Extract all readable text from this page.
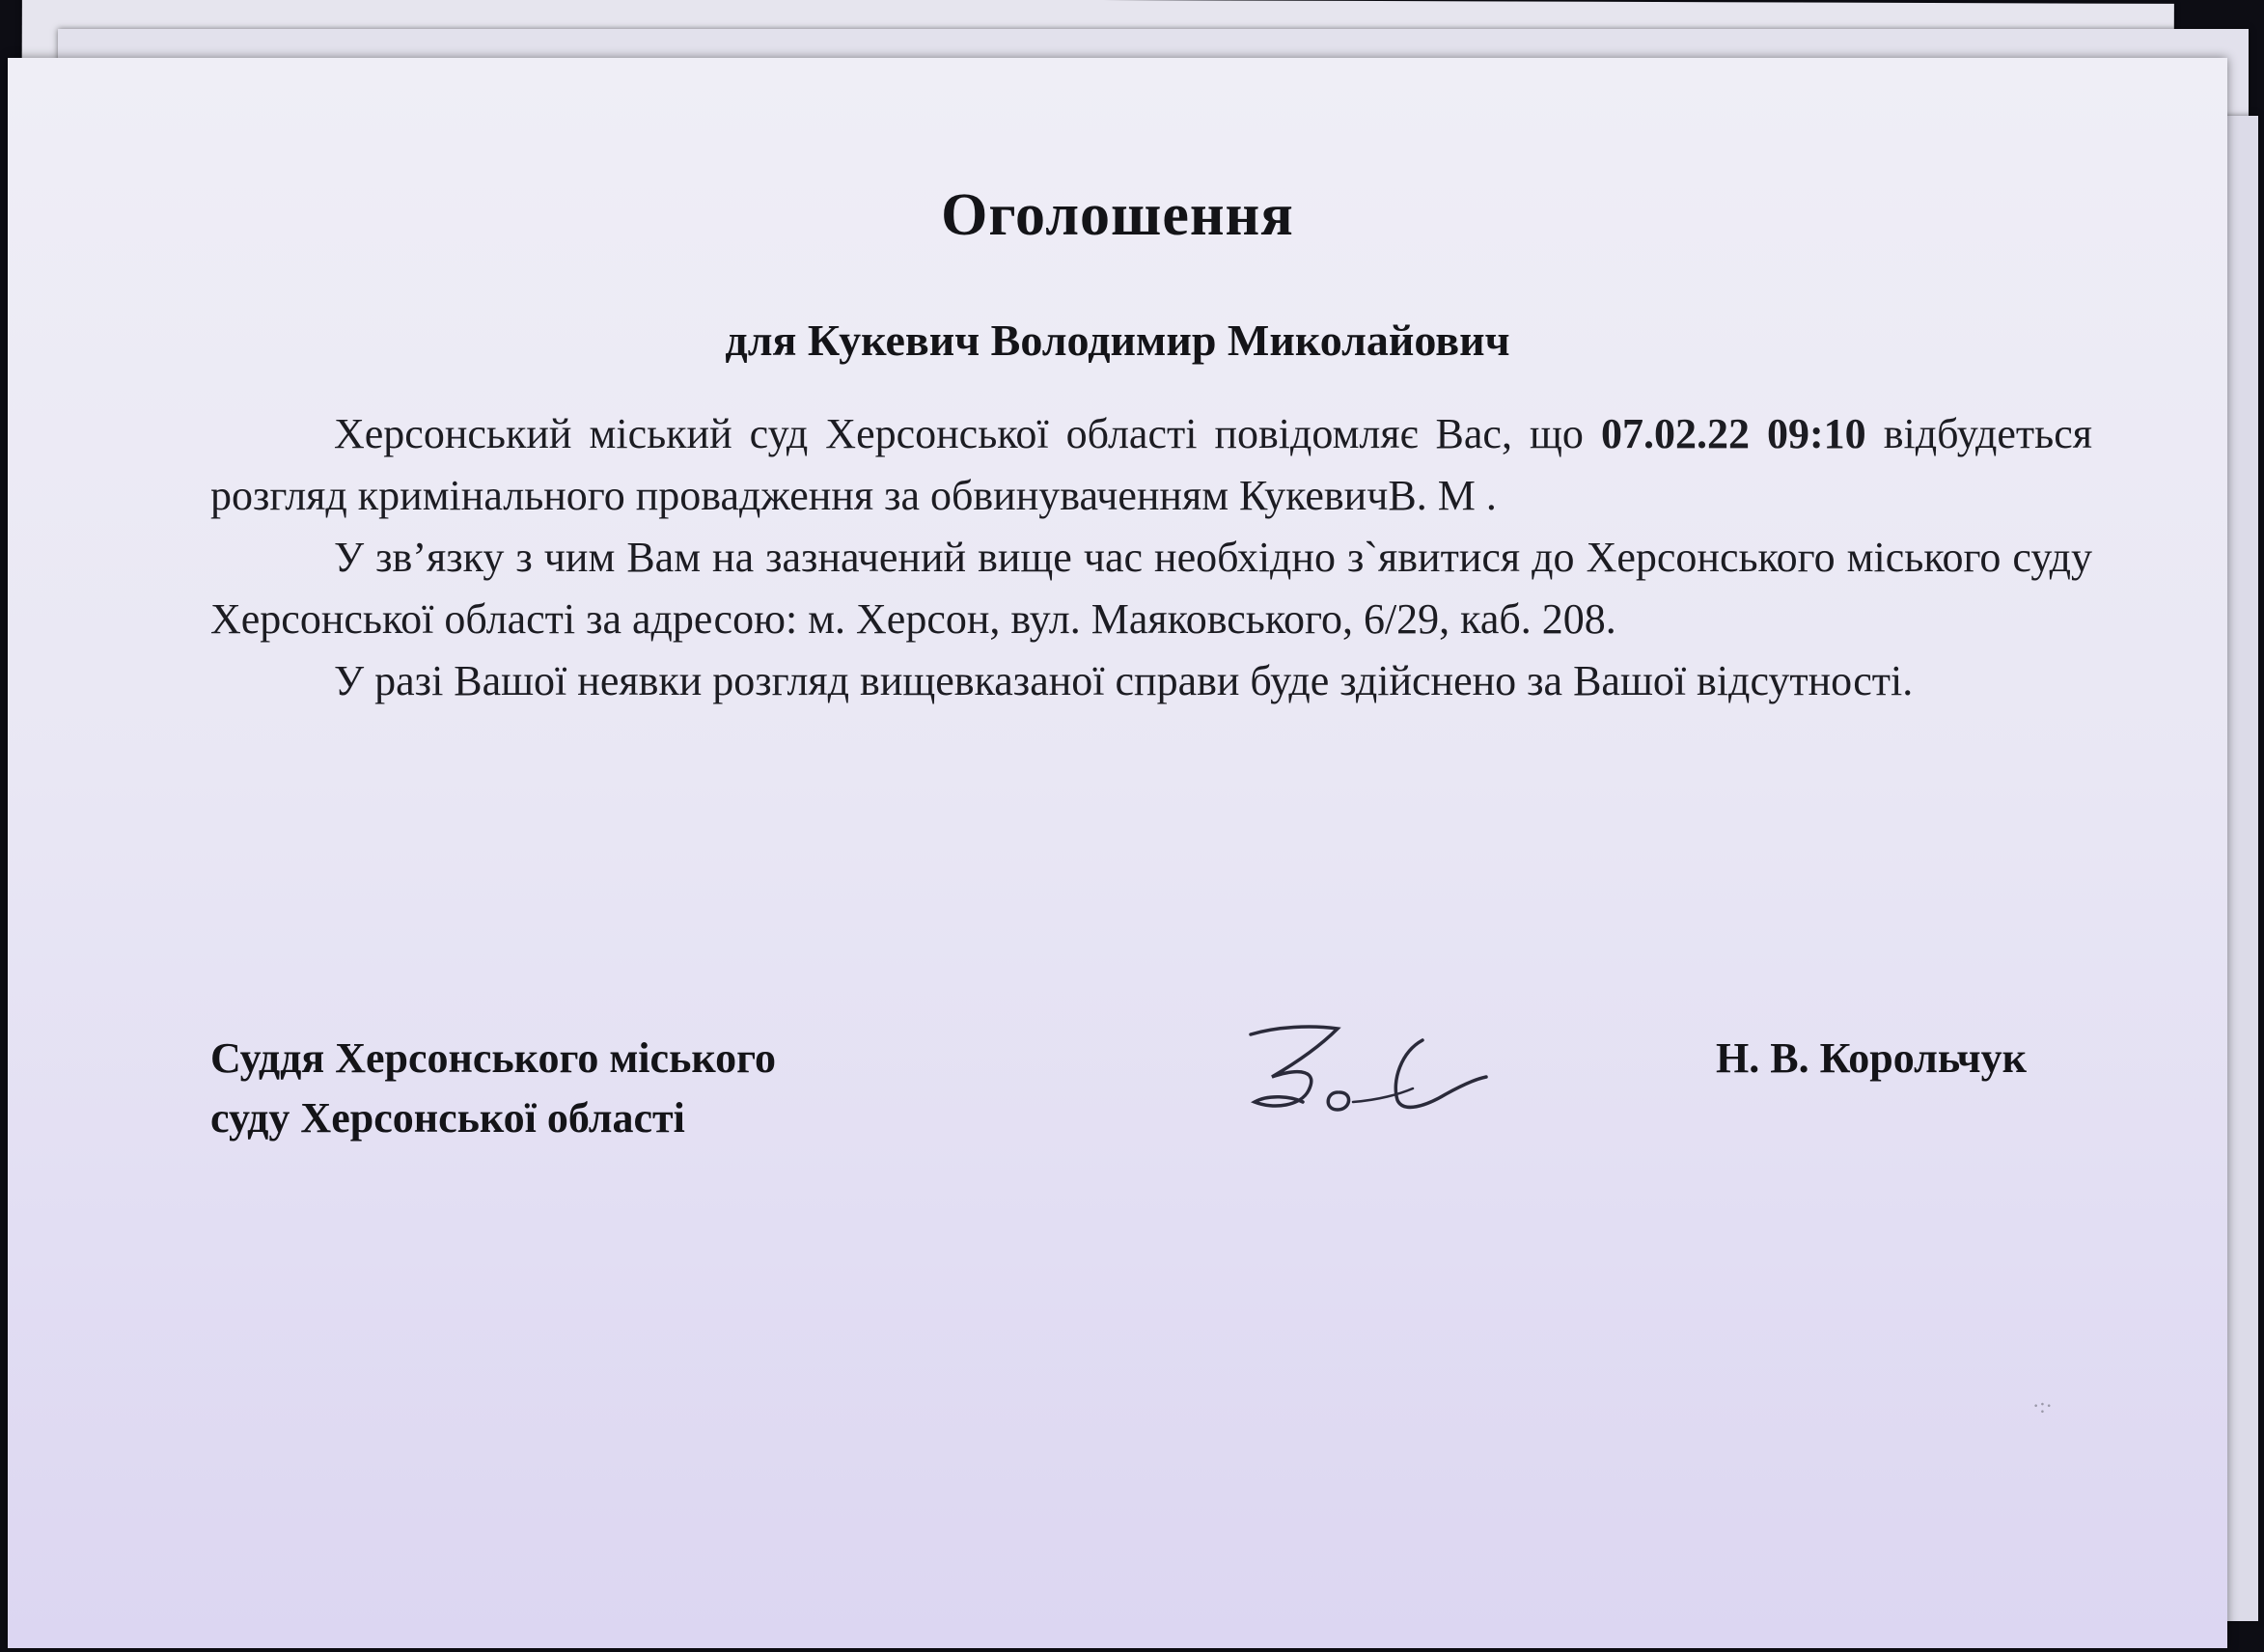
Оголошення
для Кукевич Володимир Миколайович

Херсонський міський суд Херсонської області повідомляє Вас, що 07.02.22 09:10 відбудеться розгляд кримінального провадження за обвинуваченням КукевичВ. М .

У зв’язку з чим Вам на зазначений вище час необхідно з`явитися до Херсонського міського суду Херсонської області за адресою: м. Херсон, вул. Маяковського, 6/29, каб. 208.

У разі Вашої неявки розгляд вищевказаної справи буде здійснено за Вашої відсутності.

Суддя Херсонського міського
суду Херсонської області
Н. В. Корольчук
·:·
